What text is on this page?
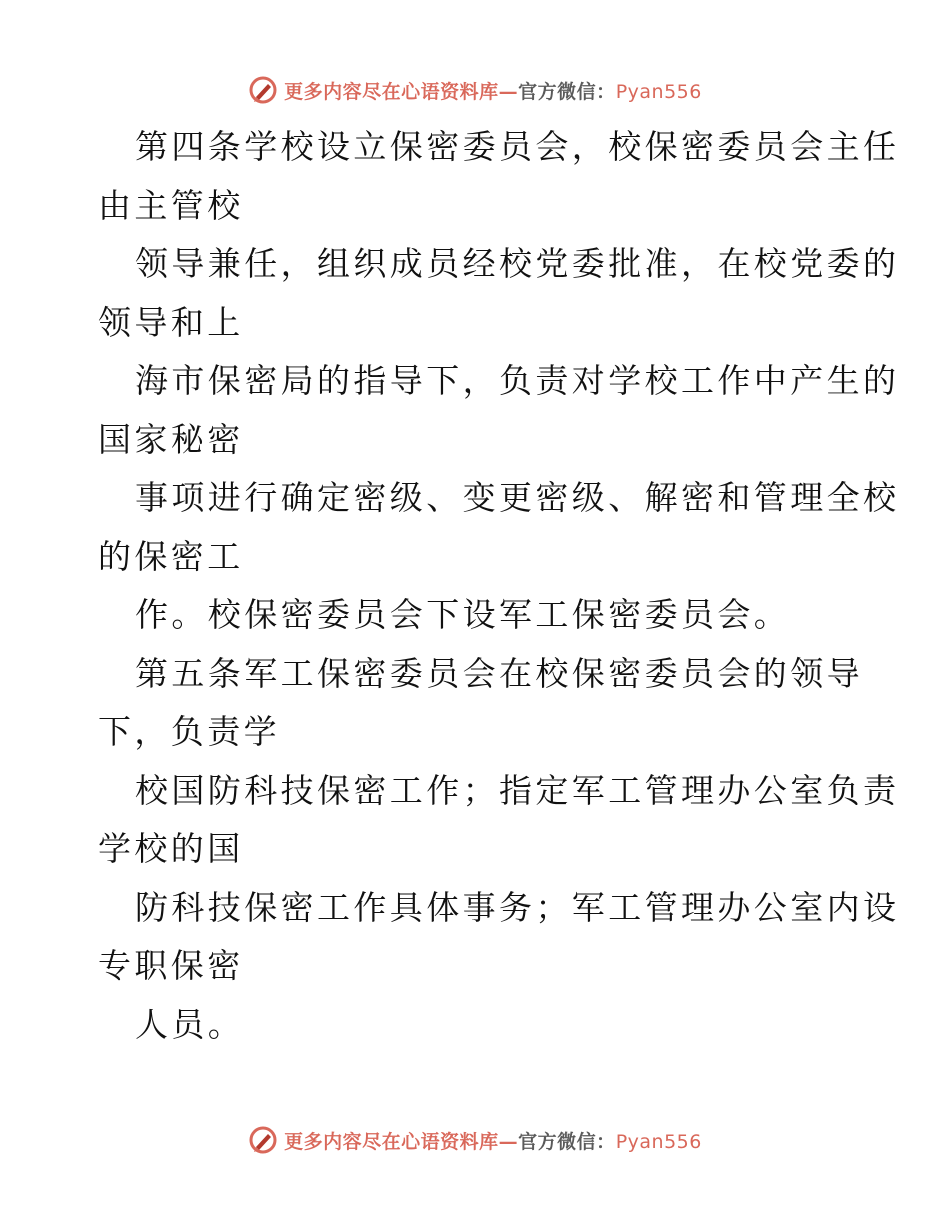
更多内容尽在心语资料库—官方微信：Pyan556
第四条学校设立保密委员会，校保密委员会主任
由主管校
领导兼任，组织成员经校党委批准，在校党委的
领导和上
海市保密局的指导下，负责对学校工作中产生的
国家秘密
事项进行确定密级、变更密级、解密和管理全校
的保密工
作。校保密委员会下设军工保密委员会。
第五条军工保密委员会在校保密委员会的领导
下，负责学
校国防科技保密工作；指定军工管理办公室负责
学校的国
防科技保密工作具体事务；军工管理办公室内设
专职保密
人员。
更多内容尽在心语资料库—官方微信：Pyan556
